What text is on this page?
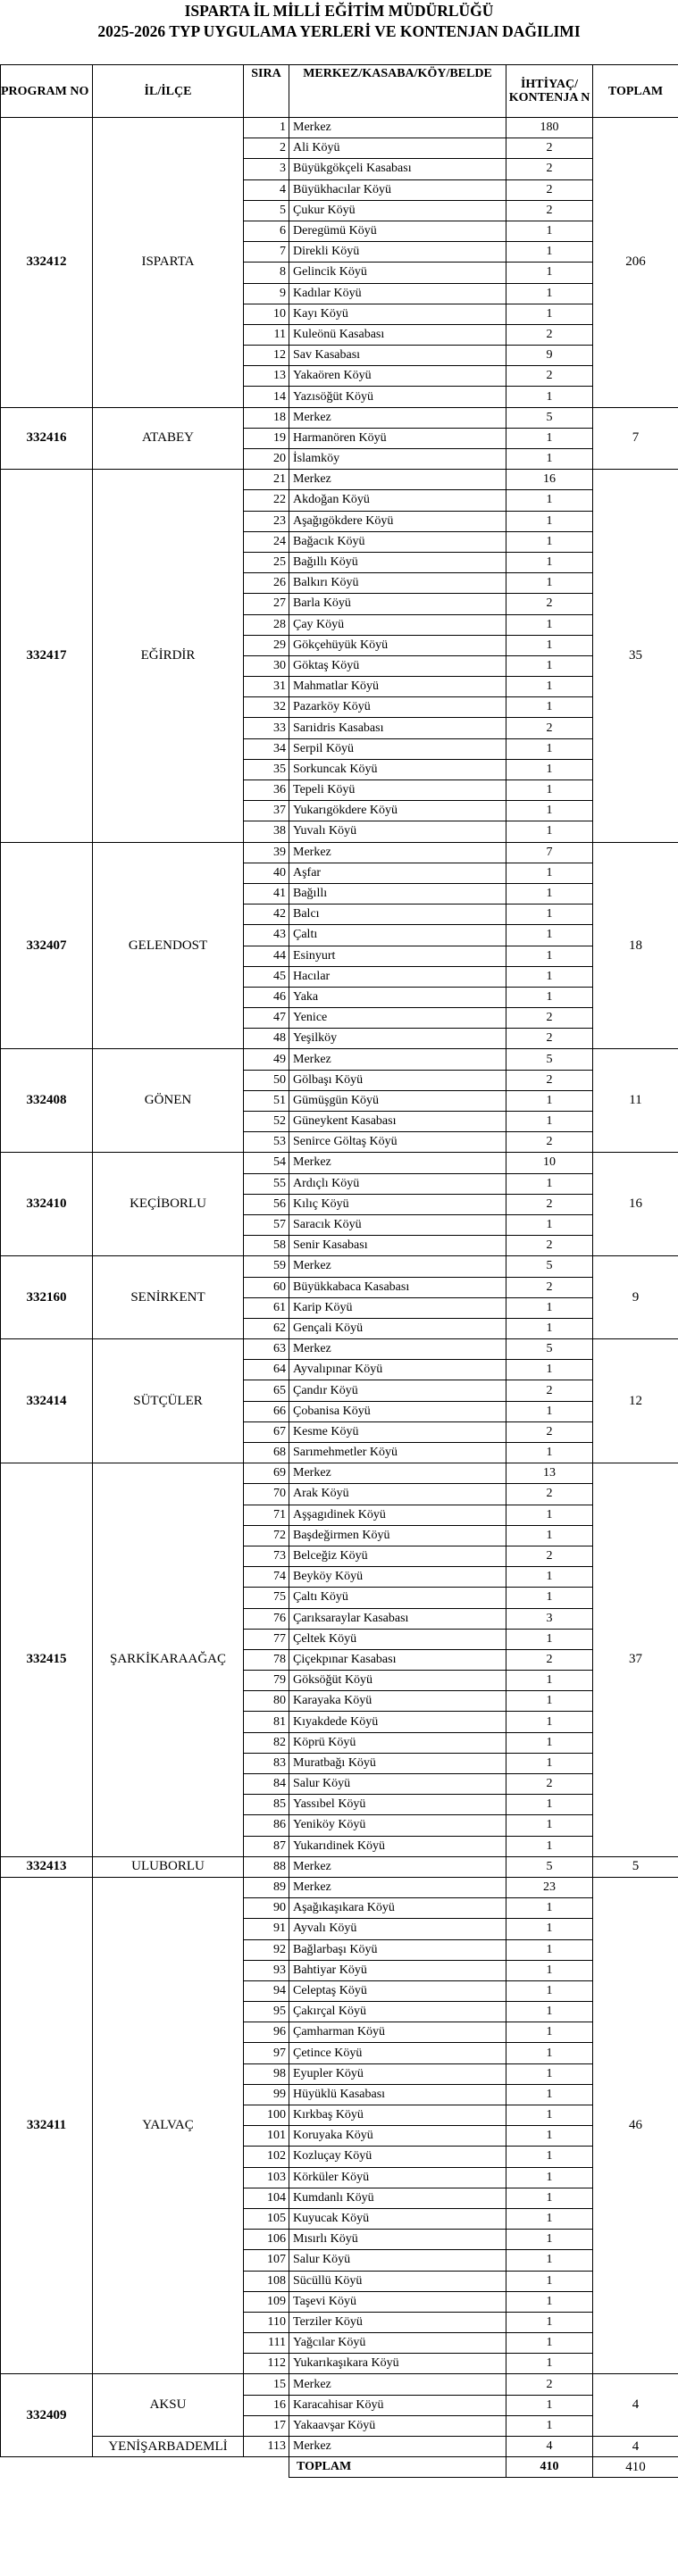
ISPARTA İL MİLLİ EĞİTİM MÜDÜRLÜĞÜ
2025-2026 TYP UYGULAMA YERLERİ VE KONTENJAN DAĞILIMI
PROGRAM NO	İL/İLÇE	SIRA	MERKEZ/KASABA/KÖY/BELDE	İHTİYAÇ/ KONTENJA N	TOPLAM
332412	ISPARTA	1	Merkez	180	206
		2	Ali Köyü	2	
		3	Büyükgökçeli Kasabası	2	
		4	Büyükhacılar Köyü	2	
		5	Çukur Köyü	2	
		6	Deregümü Köyü	1	
		7	Direkli Köyü	1	
		8	Gelincik Köyü	1	
		9	Kadılar Köyü	1	
		10	Kayı Köyü	1	
		11	Kuleönü Kasabası	2	
		12	Sav Kasabası	9	
		13	Yakaören Köyü	2	
		14	Yazısöğüt Köyü	1	
332416	ATABEY	18	Merkez	5	7
		19	Harmanören Köyü	1	
		20	İslamköy	1	
332417	EĞİRDİR	21	Merkez	16	35
		22	Akdoğan Köyü	1	
		23	Aşağıgökdere Köyü	1	
		24	Bağacık Köyü	1	
		25	Bağıllı Köyü	1	
		26	Balkırı Köyü	1	
		27	Barla Köyü	2	
		28	Çay Köyü	1	
		29	Gökçehüyük Köyü	1	
		30	Göktaş Köyü	1	
		31	Mahmatlar Köyü	1	
		32	Pazarköy Köyü	1	
		33	Sarıidris Kasabası	2	
		34	Serpil Köyü	1	
		35	Sorkuncak Köyü	1	
		36	Tepeli Köyü	1	
		37	Yukarıgökdere Köyü	1	
		38	Yuvalı Köyü	1	
332407	GELENDOST	39	Merkez	7	18
		40	Aşfar	1	
		41	Bağıllı	1	
		42	Balcı	1	
		43	Çaltı	1	
		44	Esinyurt	1	
		45	Hacılar	1	
		46	Yaka	1	
		47	Yenice	2	
		48	Yeşilköy	2	
332408	GÖNEN	49	Merkez	5	11
		50	Gölbaşı Köyü	2	
		51	Gümüşgün Köyü	1	
		52	Güneykent Kasabası	1	
		53	Senirce Göltaş Köyü	2	
332410	KEÇİBORLU	54	Merkez	10	16
		55	Ardıçlı Köyü	1	
		56	Kılıç Köyü	2	
		57	Saracık Köyü	1	
		58	Senir Kasabası	2	
332160	SENİRKENT	59	Merkez	5	9
		60	Büyükkabaca Kasabası	2	
		61	Karip Köyü	1	
		62	Gençali Köyü	1	
332414	SÜTÇÜLER	63	Merkez	5	12
		64	Ayvalıpınar Köyü	1	
		65	Çandır Köyü	2	
		66	Çobanisa Köyü	1	
		67	Kesme Köyü	2	
		68	Sarımehmetler Köyü	1	
332415	ŞARKİKARAAĞAÇ	69	Merkez	13	37
		70	Arak Köyü	2	
		71	Aşşagıdinek Köyü	1	
		72	Başdeğirmen Köyü	1	
		73	Belceğiz Köyü	2	
		74	Beyköy Köyü	1	
		75	Çaltı Köyü	1	
		76	Çarıksaraylar Kasabası	3	
		77	Çeltek Köyü	1	
		78	Çiçekpınar Kasabası	2	
		79	Göksöğüt Köyü	1	
		80	Karayaka Köyü	1	
		81	Kıyakdede Köyü	1	
		82	Köprü Köyü	1	
		83	Muratbağı Köyü	1	
		84	Salur Köyü	2	
		85	Yassıbel Köyü	1	
		86	Yeniköy Köyü	1	
		87	Yukarıdinek Köyü	1	
332413	ULUBORLU	88	Merkez	5	5
332411	YALVAÇ	89	Merkez	23	46
		90	Aşağıkaşıkara Köyü	1	
		91	Ayvalı Köyü	1	
		92	Bağlarbaşı Köyü	1	
		93	Bahtiyar Köyü	1	
		94	Celeptaş Köyü	1	
		95	Çakırçal Köyü	1	
		96	Çamharman Köyü	1	
		97	Çetince Köyü	1	
		98	Eyupler Köyü	1	
		99	Hüyüklü Kasabası	1	
		100	Kırkbaş Köyü	1	
		101	Koruyaka Köyü	1	
		102	Kozluçay Köyü	1	
		103	Körküler Köyü	1	
		104	Kumdanlı Köyü	1	
		105	Kuyucak Köyü	1	
		106	Mısırlı Köyü	1	
		107	Salur Köyü	1	
		108	Sücüllü Köyü	1	
		109	Taşevi Köyü	1	
		110	Terziler Köyü	1	
		111	Yağcılar Köyü	1	
		112	Yukarıkaşıkara Köyü	1	
332409	AKSU	15	Merkez	2	4
		16	Karacahisar Köyü	1	
		17	Yakaavşar Köyü	1	
	YENİŞARBADEMLİ	113	Merkez	4	4
			TOPLAM	410	410
